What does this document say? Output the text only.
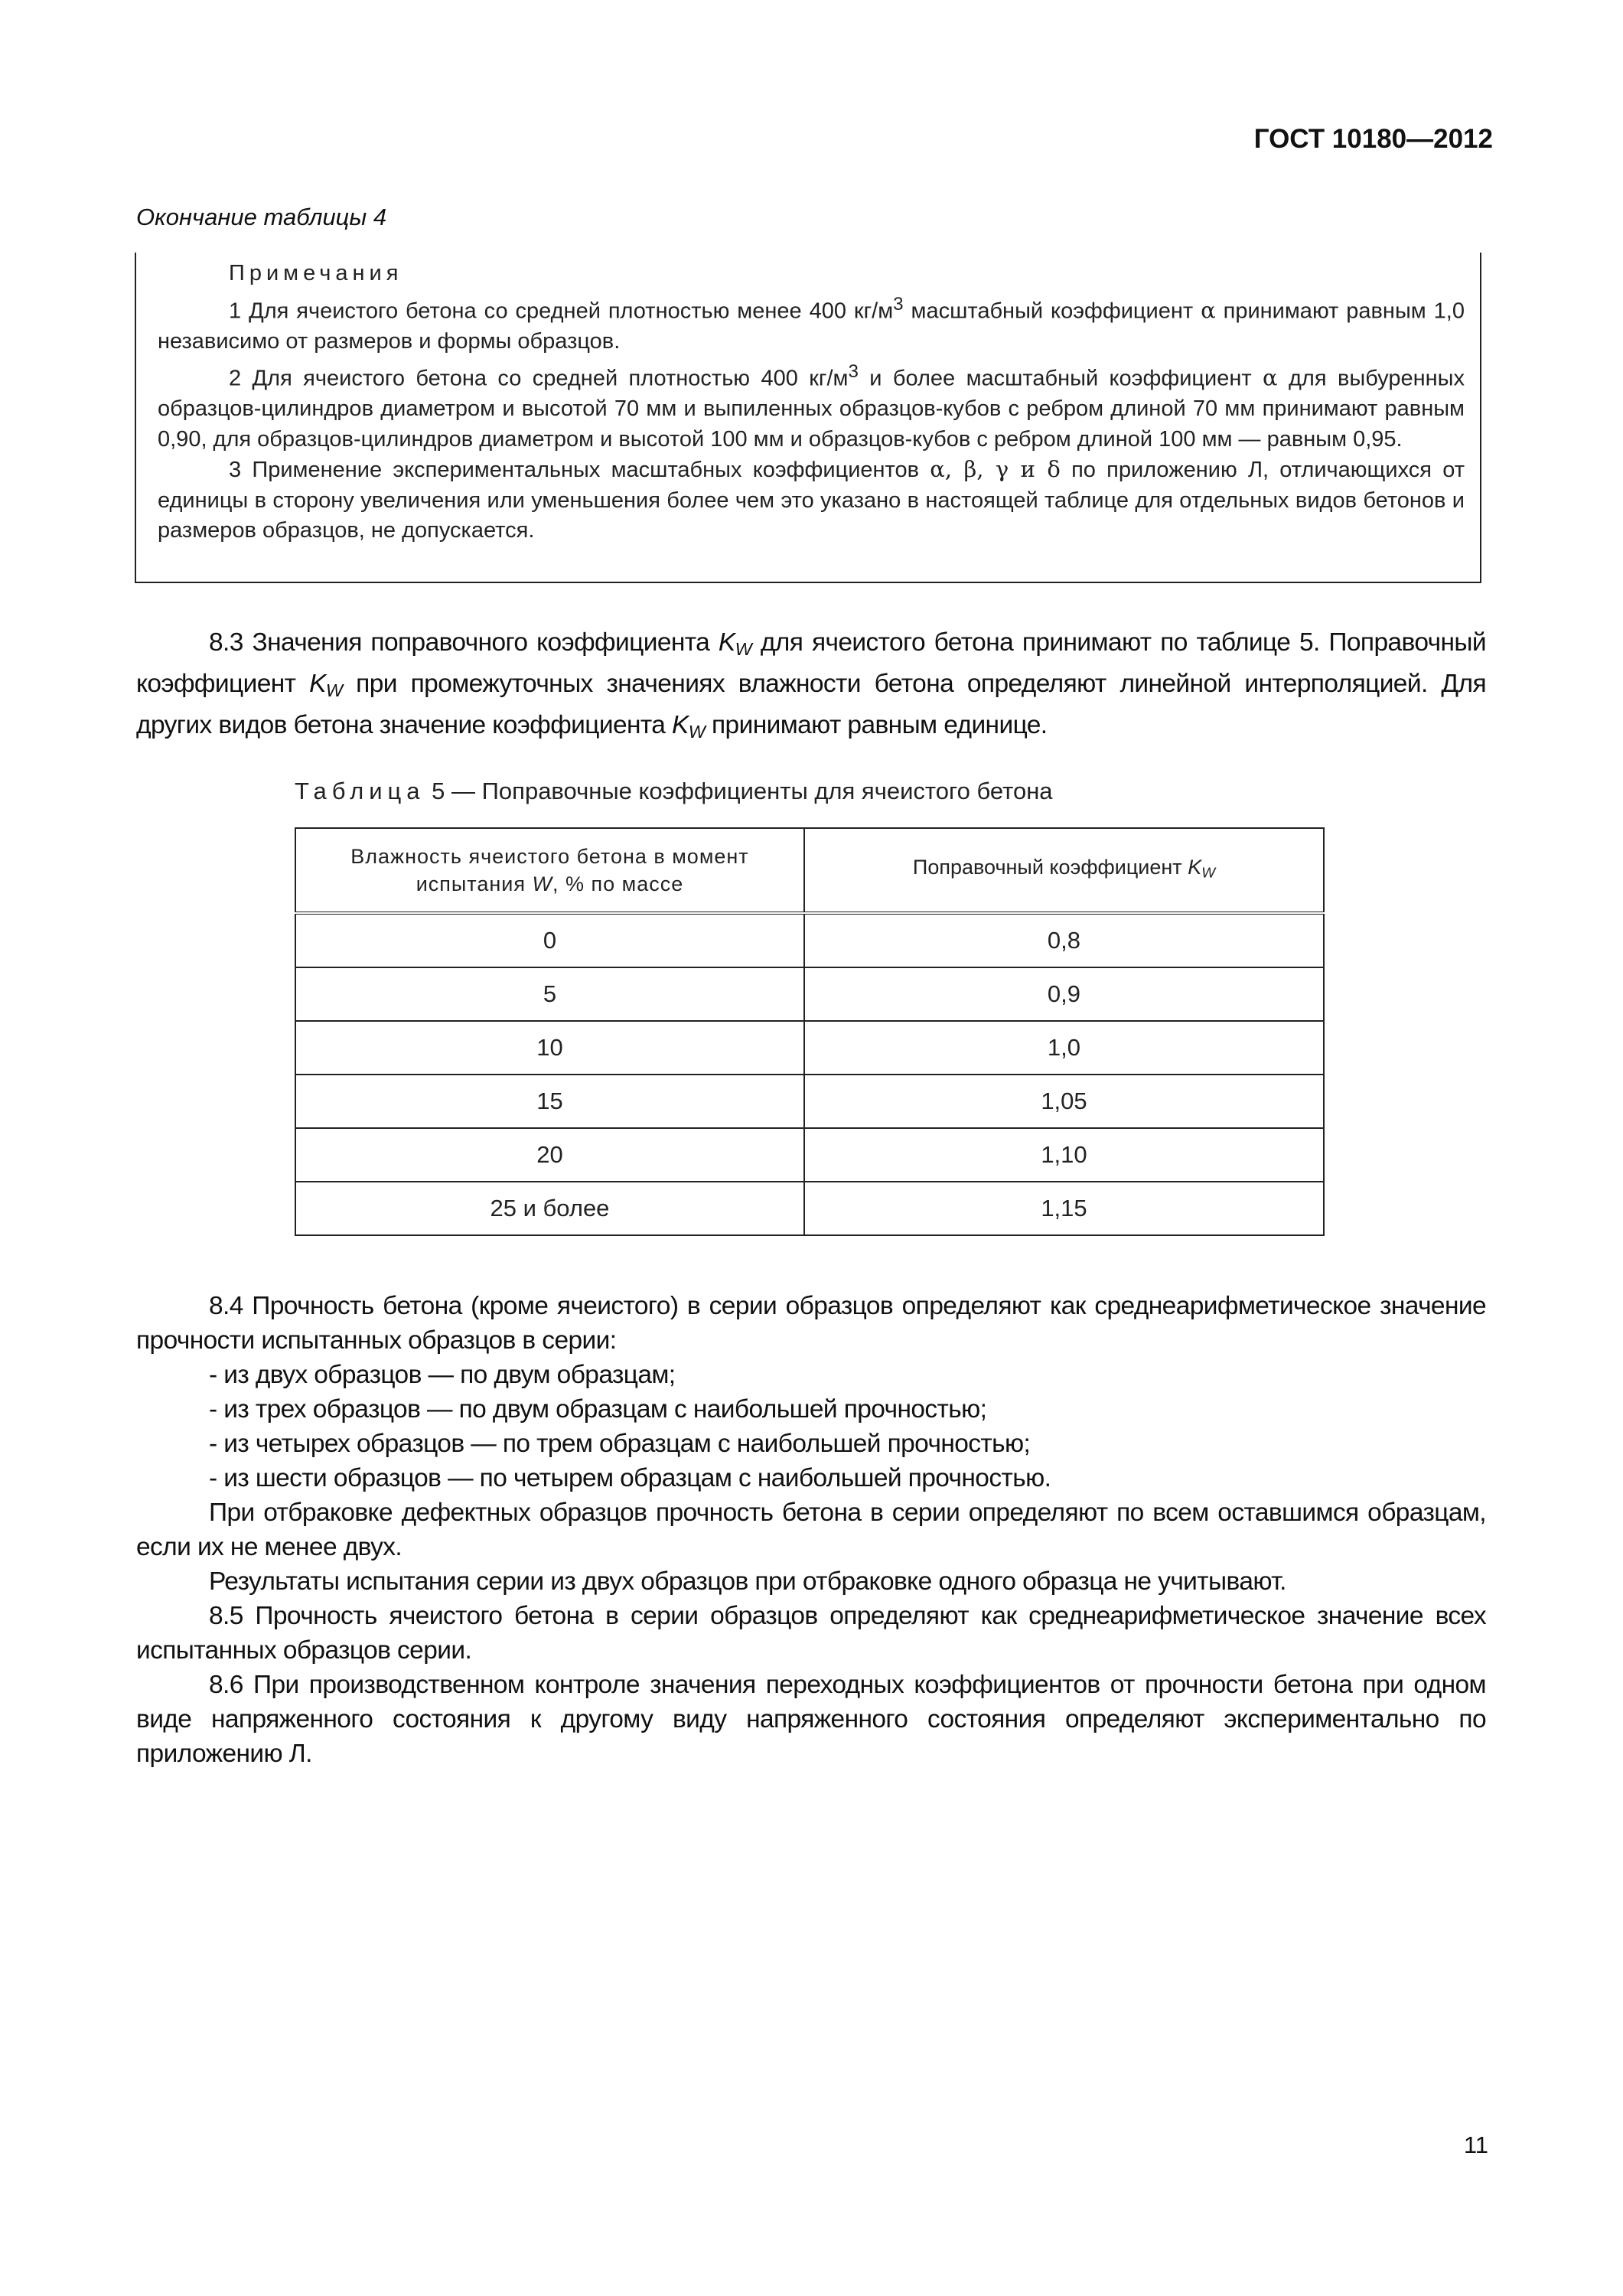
ГОСТ 10180—2012
Окончание таблицы 4
Примечания

1 Для ячеистого бетона со средней плотностью менее 400 $кг/м^3$ масштабный коэффициент α принимают равным 1,0 независимо от размеров и формы образцов.

2 Для ячеистого бетона со средней плотностью 400 $кг/м^3$ и более масштабный коэффициент α для выбуренных образцов-цилиндров диаметром и высотой 70 мм и выпиленных образцов-кубов с ребром длиной 70 мм принимают равным 0,90, для образцов-цилиндров диаметром и высотой 100 мм и образцов-кубов с ребром длиной 100 мм — равным 0,95.

3 Применение экспериментальных масштабных коэффициентов α, β, γ и δ по приложению Л, отличающихся от единицы в сторону увеличения или уменьшения более чем это указано в настоящей таблице для отдельных видов бетонов и размеров образцов, не допускается.

8.3 Значения поправочного коэффициента $K_W$ для ячеистого бетона принимают по таблице 5. Поправочный коэффициент $K_W$ при промежуточных значениях влажности бетона определяют линейной интерполяцией. Для других видов бетона значение коэффициента $K_W$ принимают равным единице.

Таблица 5 — Поправочные коэффициенты для ячеистого бетона
Влажность ячеистого бетона в момент испытания W, % по массе	Поправочный коэффициент $K_W$
0	0,8
5	0,9
10	1,0
15	1,05
20	1,10
25 и более	1,15

8.4 Прочность бетона (кроме ячеистого) в серии образцов определяют как среднеарифметическое значение прочности испытанных образцов в серии:

- из двух образцов — по двум образцам;

- из трех образцов — по двум образцам с наибольшей прочностью;

- из четырех образцов — по трем образцам с наибольшей прочностью;

- из шести образцов — по четырем образцам с наибольшей прочностью.

При отбраковке дефектных образцов прочность бетона в серии определяют по всем оставшимся образцам, если их не менее двух.

Результаты испытания серии из двух образцов при отбраковке одного образца не учитывают.

8.5 Прочность ячеистого бетона в серии образцов определяют как среднеарифметическое значение всех испытанных образцов серии.

8.6 При производственном контроле значения переходных коэффициентов от прочности бетона при одном виде напряженного состояния к другому виду напряженного состояния определяют экспериментально по приложению Л.

11
